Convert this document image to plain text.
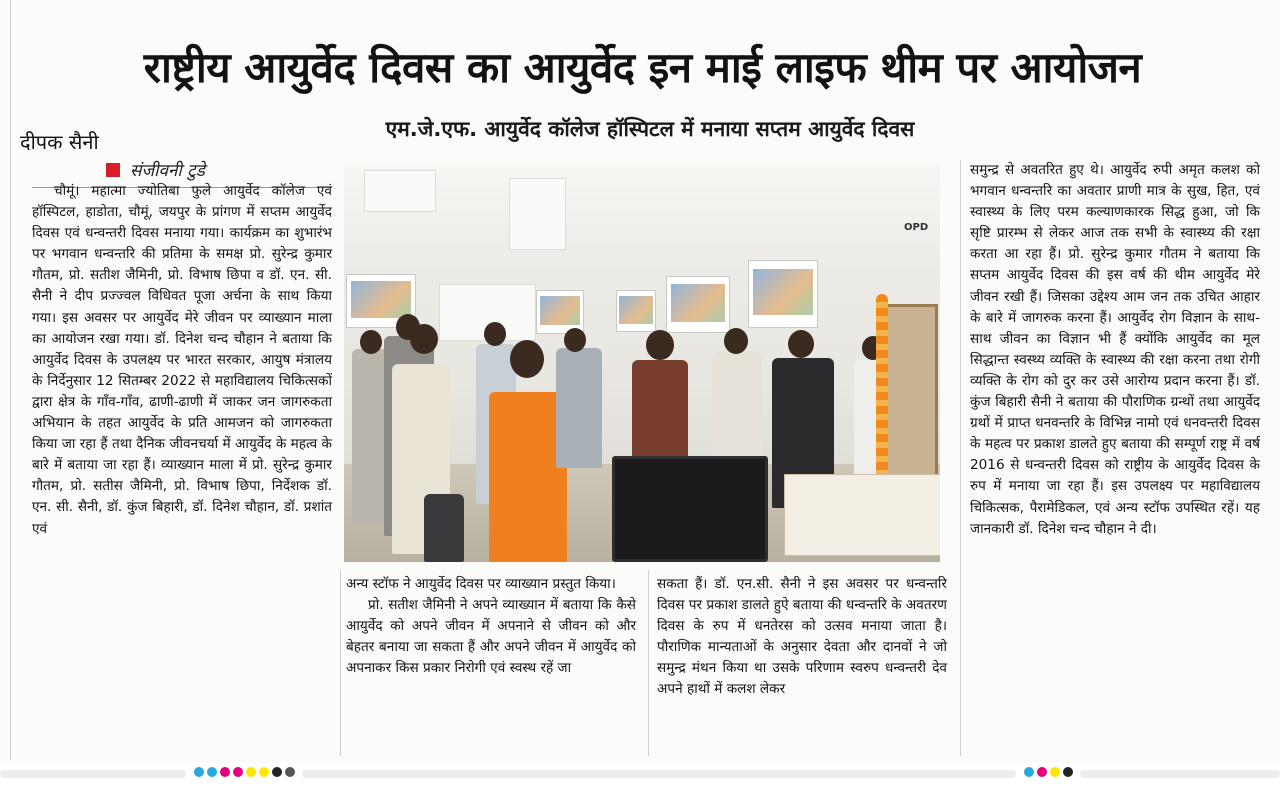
राष्ट्रीय आयुर्वेद दिवस का आयुर्वेद इन माई लाइफ थीम पर आयोजन
एम.जे.एफ. आयुर्वेद कॉलेज हॉस्पिटल में मनाया सप्तम आयुर्वेद दिवस
दीपक सैनी
संजीवनी टुडे

चौमूं। महात्मा ज्योतिबा फुले आयुर्वेद कॉलेज एवं हॉस्पिटल, हाडोता, चौमूं, जयपुर के प्रांगण में सप्तम आयुर्वेद दिवस एवं धन्वन्तरी दिवस मनाया गया। कार्यक्रम का शुभारंभ पर भगवान धन्वन्तरि की प्रतिमा के समक्ष प्रो. सुरेन्द्र कुमार गौतम, प्रो. सतीश जैमिनी, प्रो. विभाष छिपा व डॉ. एन. सी. सैनी ने दीप प्रज्ज्वल विधिवत पूजा अर्चना के साथ किया गया। इस अवसर पर आयुर्वेद मेरे जीवन पर व्याख्यान माला का आयोजन रखा गया। डॉ. दिनेश चन्द चौहान ने बताया कि आयुर्वेद दिवस के उपलक्ष्य पर भारत सरकार, आयुष मंत्रालय के निर्देनुसार 12 सितम्बर 2022 से महाविद्यालय चिकित्सकों द्वारा क्षेत्र के गाँव-गाँव, ढाणी-ढाणी में जाकर जन जागरुकता अभियान के तहत आयुर्वेद के प्रति आमजन को जागरुकता किया जा रहा हैं तथा दैनिक जीवनचर्या में आयुर्वेद के महत्व के बारे में बताया जा रहा हैं। व्याख्यान माला में प्रो. सुरेन्द्र कुमार गौतम, प्रो. सतीस जैमिनी, प्रो. विभाष छिपा, निर्देशक डॉ. एन. सी. सैनी, डॉ. कुंज बिहारी, डॉ. दिनेश चौहान, डॉ. प्रशांत एवं

OPD

अन्य स्टॉफ ने आयुर्वेद दिवस पर व्याख्यान प्रस्तुत किया।

प्रो. सतीश जैमिनी ने अपने व्याख्यान में बताया कि कैसे आयुर्वेद को अपने जीवन में अपनाने से जीवन को और बेहतर बनाया जा सकता हैं और अपने जीवन में आयुर्वेद को अपनाकर किस प्रकार निरोगी एवं स्वस्थ रहें जा

सकता हैं। डॉ. एन.सी. सैनी ने इस अवसर पर धन्वन्तरि दिवस पर प्रकाश डालते हुऐ बताया की धन्वन्तरि के अवतरण दिवस के रुप में धनतेरस को उत्सव मनाया जाता है। पौराणिक मान्यताओं के अनुसार देवता और दानवों ने जो समुन्द्र मंथन किया था उसके परिणाम स्वरुप धन्वन्तरी देव अपने हाथों में कलश लेकर

समुन्द्र से अवतरित हुए थे। आयुर्वेद रुपी अमृत कलश को भगवान धन्वन्तरि का अवतार प्राणी मात्र के सुख, हित, एवं स्वास्थ्य के लिए परम कल्याणकारक सिद्ध हुआ, जो कि सृष्टि प्रारम्भ से लेकर आज तक सभी के स्वास्थ्य की रक्षा करता आ रहा हैं। प्रो. सुरेन्द्र कुमार गौतम ने बताया कि सप्तम आयुर्वेद दिवस की इस वर्ष की थीम आयुर्वेद मेरे जीवन रखी हैं। जिसका उद्देश्य आम जन तक उचित आहार के बारे में जागरुक करना हैं। आयुर्वेद रोग विज्ञान के साथ-साथ जीवन का विज्ञान भी हैं क्योंकि आयुर्वेद का मूल सिद्धान्त स्वस्थ्य व्यक्ति के स्वास्थ्य की रक्षा करना तथा रोगी व्यक्ति के रोग को दुर कर उसे आरोग्य प्रदान करना हैं। डॉ. कुंज बिहारी सैनी ने बताया की पौराणिक ग्रन्थों तथा आयुर्वेद ग्रथों में प्राप्त धनवन्तरि के विभिन्न नामो एवं धनवन्तरी दिवस के महत्व पर प्रकाश डालते हुए बताया की सम्पूर्ण राष्ट्र में वर्ष 2016 से धन्वन्तरी दिवस को राष्ट्रीय के आयुर्वेद दिवस के रुप में मनाया जा रहा हैं। इस उपलक्ष्य पर महाविद्यालय चिकित्सक, पैरामेडिकल, एवं अन्य स्टॉफ उपस्थित रहें। यह जानकारी डॉ. दिनेश चन्द चौहान ने दी।
